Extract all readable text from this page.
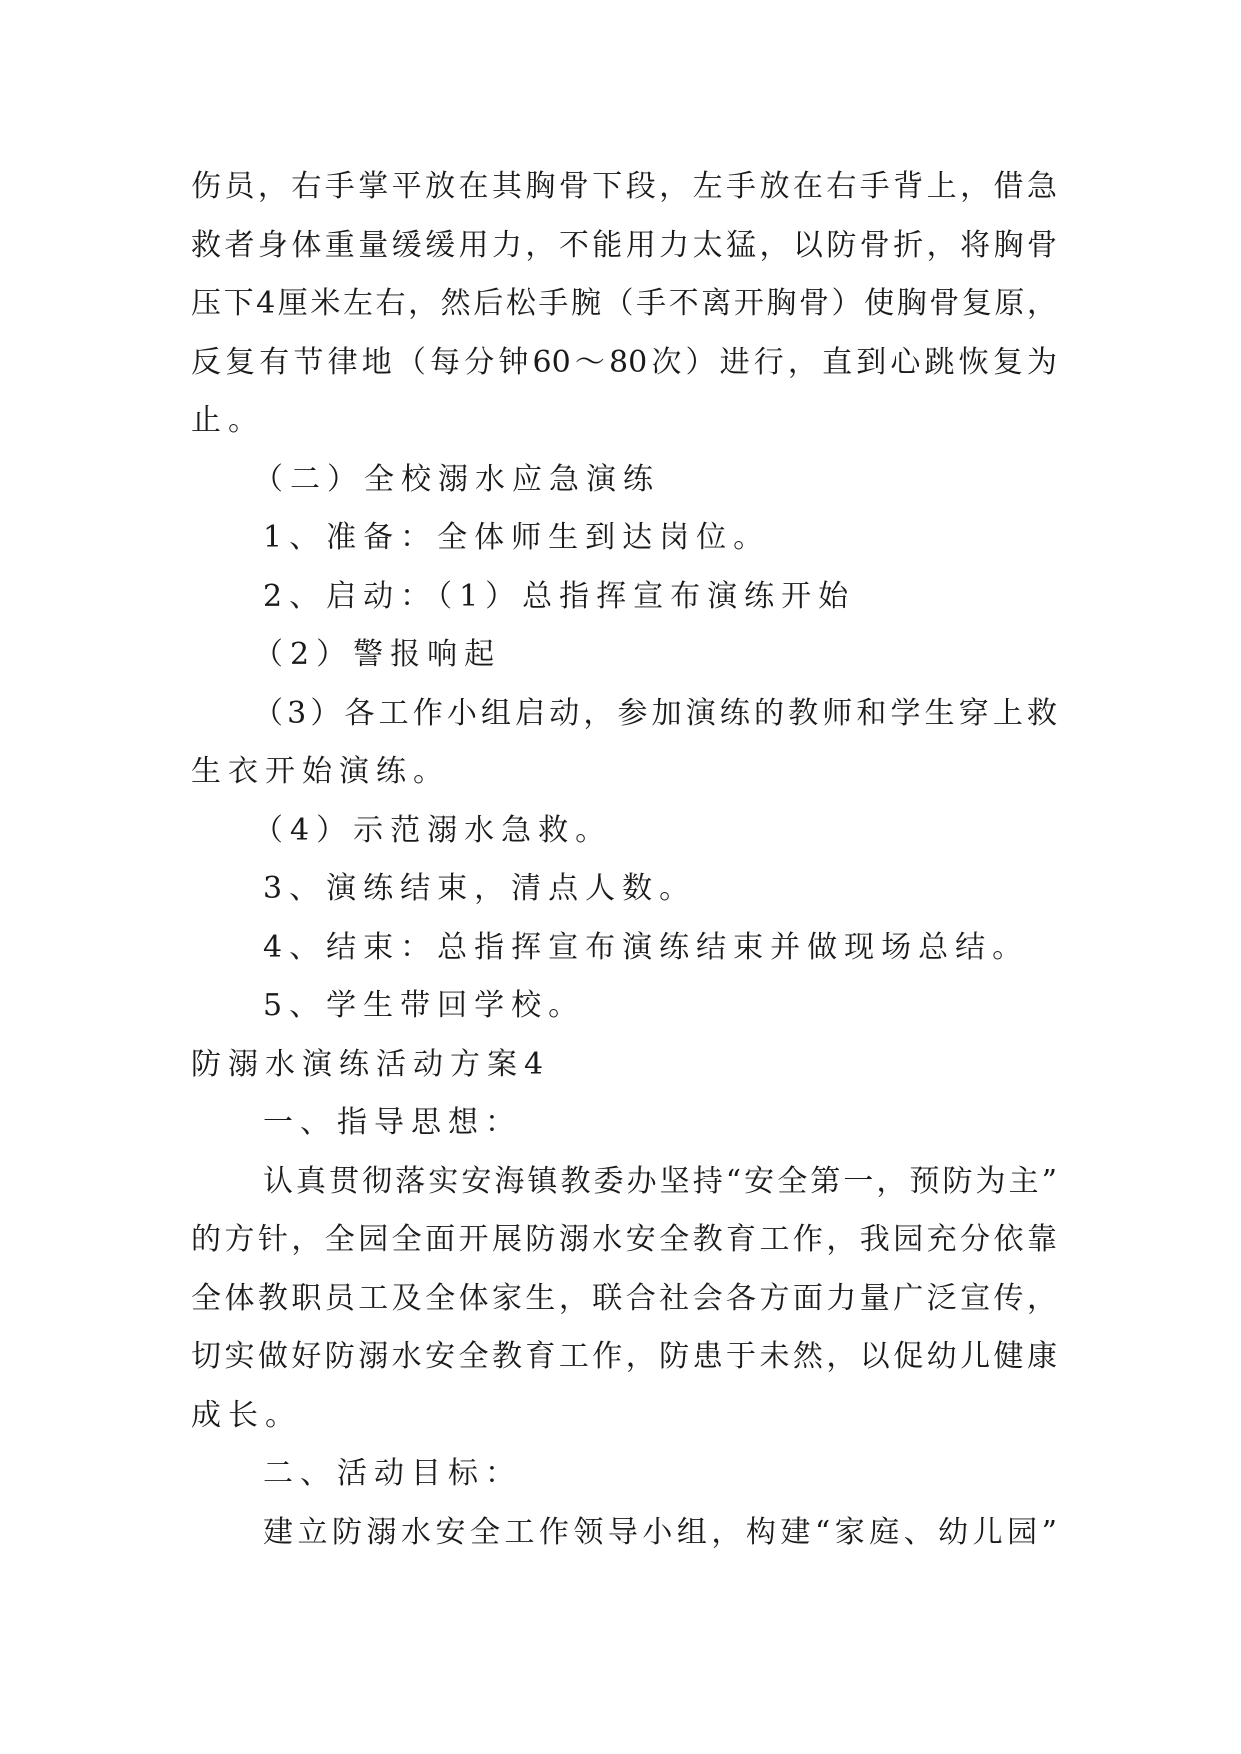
伤员，右手掌平放在其胸骨下段，左手放在右手背上，借急
救者身体重量缓缓用力，不能用力太猛，以防骨折，将胸骨
压下4厘米左右，然后松手腕（手不离开胸骨）使胸骨复原，
反复有节律地（每分钟60～80次）进行，直到心跳恢复为
止。
（二）全校溺水应急演练
1、准备：全体师生到达岗位。
2、启动：（1）总指挥宣布演练开始
（2）警报响起
（3）各工作小组启动，参加演练的教师和学生穿上救
生衣开始演练。
（4）示范溺水急救。
3、演练结束，清点人数。
4、结束：总指挥宣布演练结束并做现场总结。
5、学生带回学校。
防溺水演练活动方案4
一、指导思想：
认真贯彻落实安海镇教委办坚持“安全第一，预防为主”
的方针，全园全面开展防溺水安全教育工作，我园充分依靠
全体教职员工及全体家生，联合社会各方面力量广泛宣传，
切实做好防溺水安全教育工作，防患于未然，以促幼儿健康
成长。
二、活动目标：
建立防溺水安全工作领导小组，构建“家庭、幼儿园”
